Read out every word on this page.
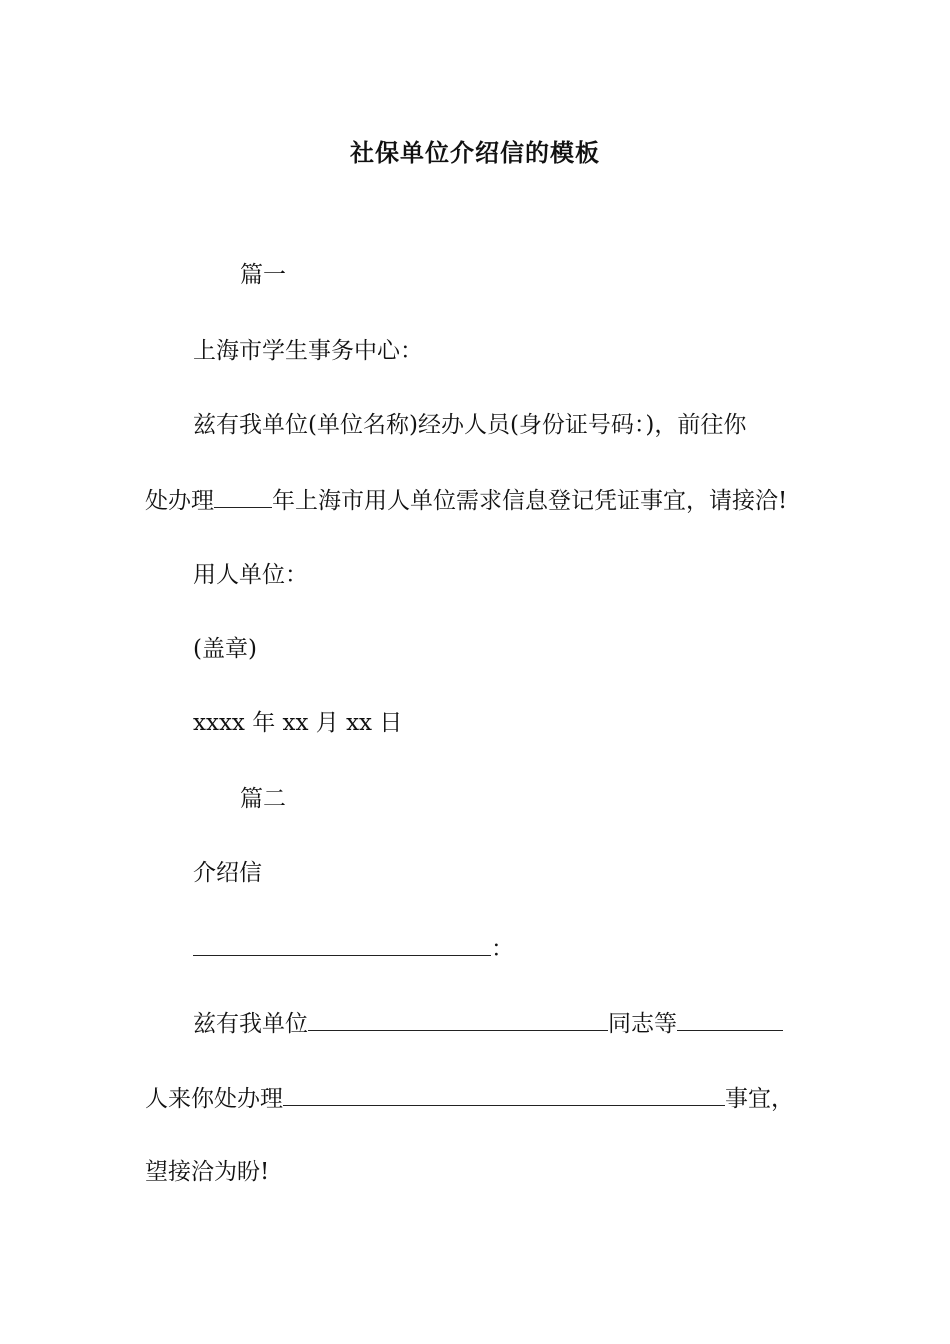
社保单位介绍信的模板
篇一
上海市学生事务中心：
兹有我单位(单位名称)经办人员(身份证号码：)，前往你
处办理	年上海市用人单位需求信息登记凭证事宜，请接洽!
用人单位：
(盖章)
xxxx 年 xx 月 xx 日
篇二
介绍信
：
兹有我单位	同志等
人来你处办理	事宜，
望接洽为盼!
